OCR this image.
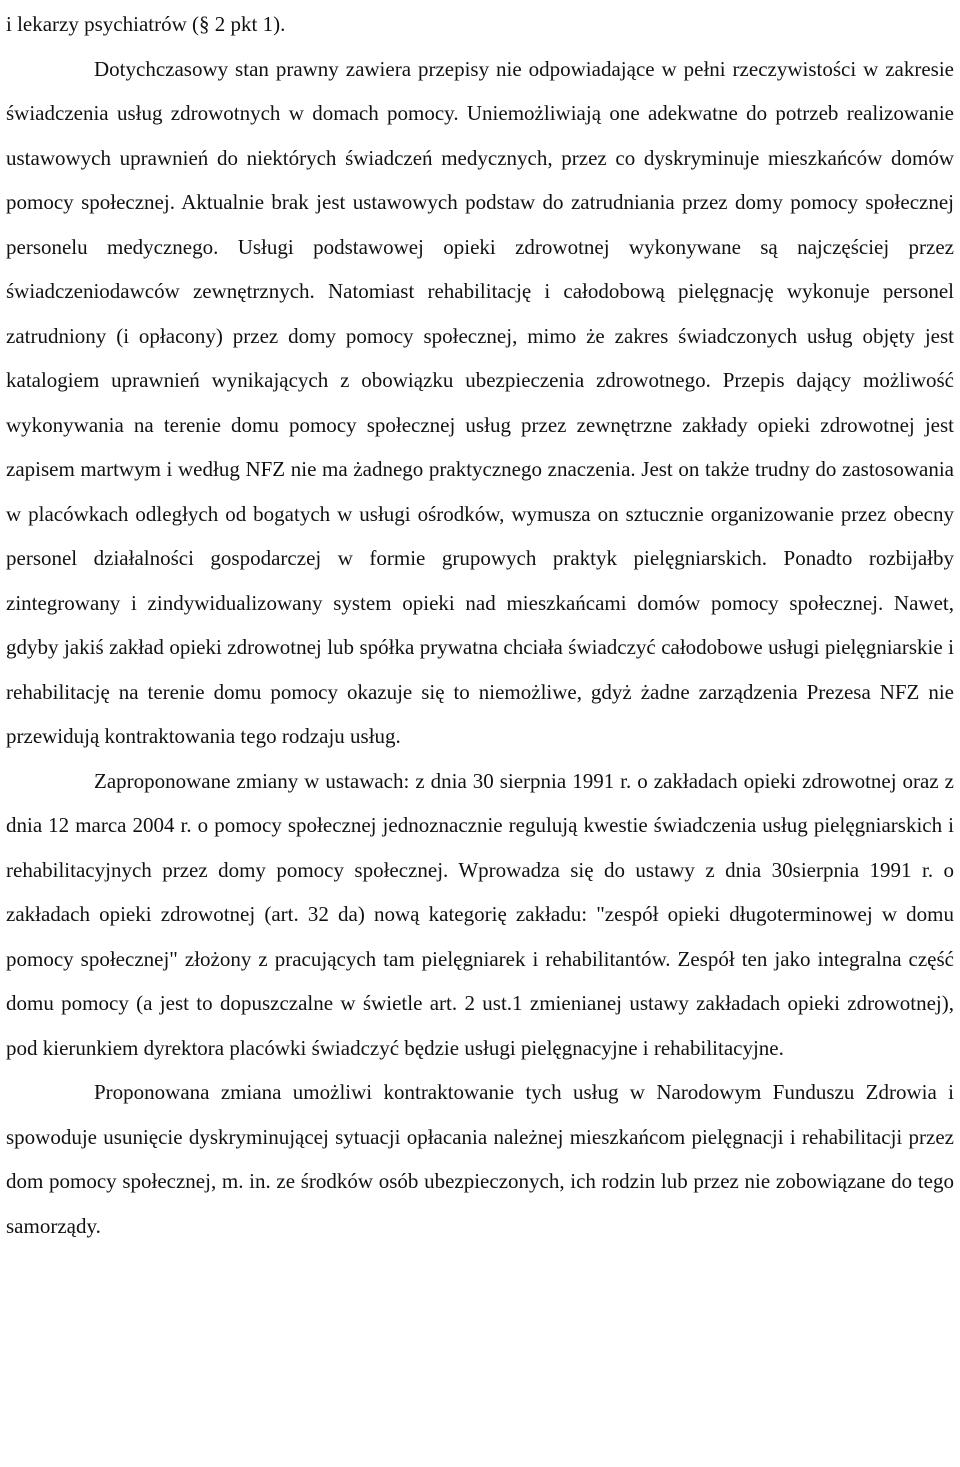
i lekarzy psychiatrów (§ 2 pkt 1).

Dotychczasowy stan prawny zawiera przepisy nie odpowiadające w pełni rzeczywistości w zakresie świadczenia usług zdrowotnych w domach pomocy. Uniemożliwiają one adekwatne do potrzeb realizowanie ustawowych uprawnień do niektórych świadczeń medycznych, przez co dyskryminuje mieszkańców domów pomocy społecznej. Aktualnie brak jest ustawowych podstaw do zatrudniania przez domy pomocy społecznej personelu medycznego. Usługi podstawowej opieki zdrowotnej wykonywane są najczęściej przez świadczeniodawców zewnętrznych. Natomiast rehabilitację i całodobową pielęgnację wykonuje personel zatrudniony (i opłacony) przez domy pomocy społecznej, mimo że zakres świadczonych usług objęty jest katalogiem uprawnień wynikających z obowiązku ubezpieczenia zdrowotnego. Przepis dający możliwość wykonywania na terenie domu pomocy społecznej usług przez zewnętrzne zakłady opieki zdrowotnej jest zapisem martwym i według NFZ nie ma żadnego praktycznego znaczenia. Jest on także trudny do zastosowania w placówkach odległych od bogatych w usługi ośrodków, wymusza on sztucznie organizowanie przez obecny personel działalności gospodarczej w formie grupowych praktyk pielęgniarskich. Ponadto rozbijałby zintegrowany i zindywidualizowany system opieki nad mieszkańcami domów pomocy społecznej. Nawet, gdyby jakiś zakład opieki zdrowotnej lub spółka prywatna chciała świadczyć całodobowe usługi pielęgniarskie i rehabilitację na terenie domu pomocy okazuje się to niemożliwe, gdyż żadne zarządzenia Prezesa NFZ nie przewidują kontraktowania tego rodzaju usług.

Zaproponowane zmiany w ustawach: z dnia 30 sierpnia 1991 r. o zakładach opieki zdrowotnej oraz z dnia 12 marca 2004 r. o pomocy społecznej jednoznacznie regulują kwestie świadczenia usług pielęgniarskich i rehabilitacyjnych przez domy pomocy społecznej. Wprowadza się do ustawy z dnia 30sierpnia 1991 r. o zakładach opieki zdrowotnej (art. 32 da) nową kategorię zakładu: "zespół opieki długoterminowej w domu pomocy społecznej" złożony z pracujących tam pielęgniarek i rehabilitantów. Zespół ten jako integralna część domu pomocy (a jest to dopuszczalne w świetle art. 2 ust.1 zmienianej ustawy zakładach opieki zdrowotnej), pod kierunkiem dyrektora placówki świadczyć będzie usługi pielęgnacyjne i rehabilitacyjne.

Proponowana zmiana umożliwi kontraktowanie tych usług w Narodowym Funduszu Zdrowia i spowoduje usunięcie dyskryminującej sytuacji opłacania należnej mieszkańcom pielęgnacji i rehabilitacji przez dom pomocy społecznej, m. in. ze środków osób ubezpieczonych, ich rodzin lub przez nie zobowiązane do tego samorządy.
